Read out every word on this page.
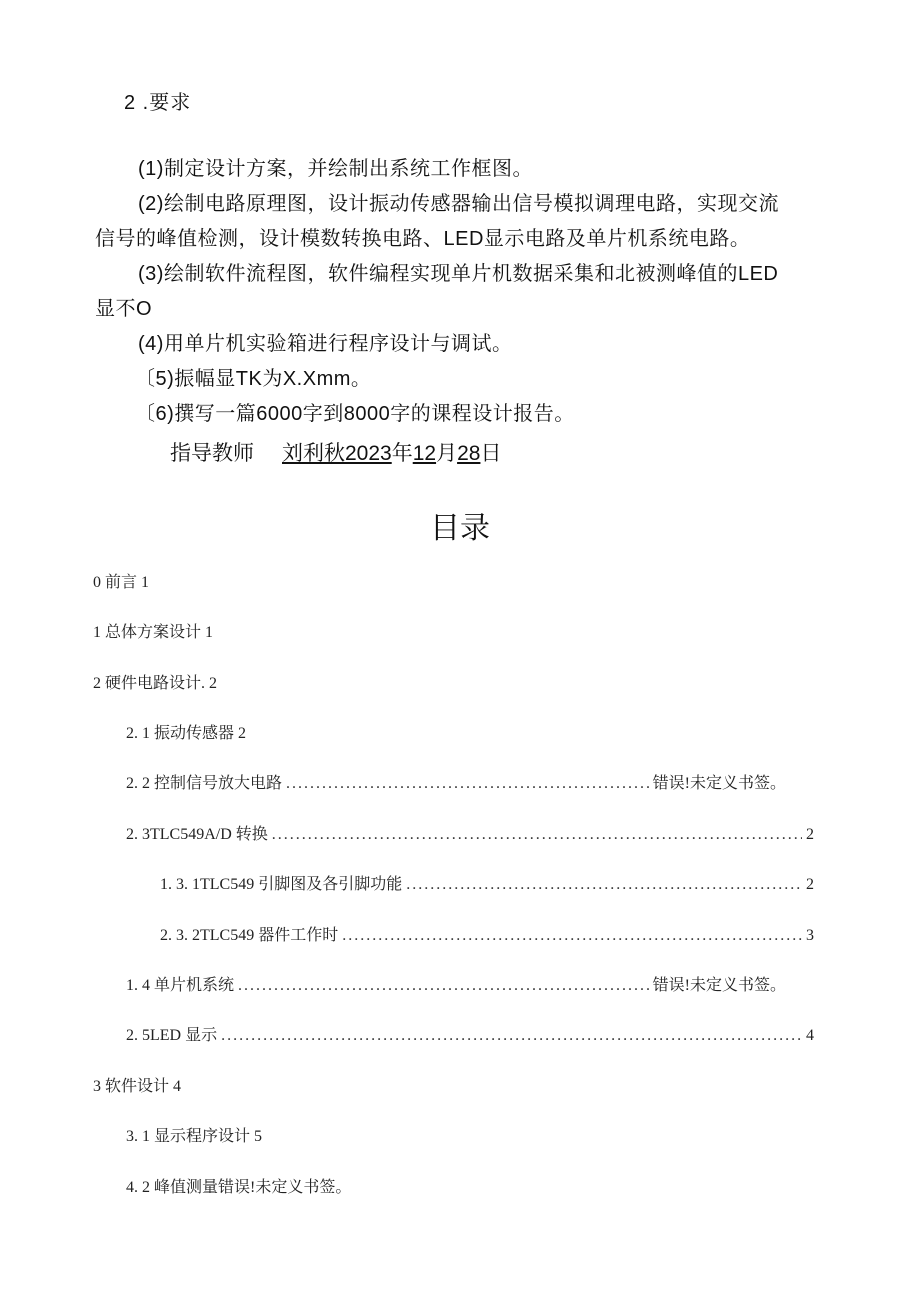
2 .要求
(1)制定设计方案，并绘制出系统工作框图。
(2)绘制电路原理图，设计振动传感器输出信号模拟调理电路，实现交流
信号的峰值检测，设计模数转换电路、LED显示电路及单片机系统电路。
(3)绘制软件流程图，软件编程实现单片机数据采集和北被测峰值的LED
显不O
(4)用单片机实验箱进行程序设计与调试。
〔5)振幅显TK为X.Xmm。
〔6)撰写一篇6000字到8000字的课程设计报告。
指导教师 刘利秋2023年12月28日
目录
0 前言 1
1 总体方案设计 1
2 硬件电路设计. 2
2. 1 振动传感器 2
2. 2 控制信号放大电路 .....	错误!未定义书签。
2. 3TLC549A/D 转换 .....	2
1. 3. 1TLC549 引脚图及各引脚功能 .....	2
2. 3. 2TLC549 器件工作时 .....	3
1. 4 单片机系统 .....	错误!未定义书签。
2. 5LED 显示 .....	4
3 软件设计 4
3. 1 显示程序设计 5
4. 2 峰值测量错误!未定义书签。
